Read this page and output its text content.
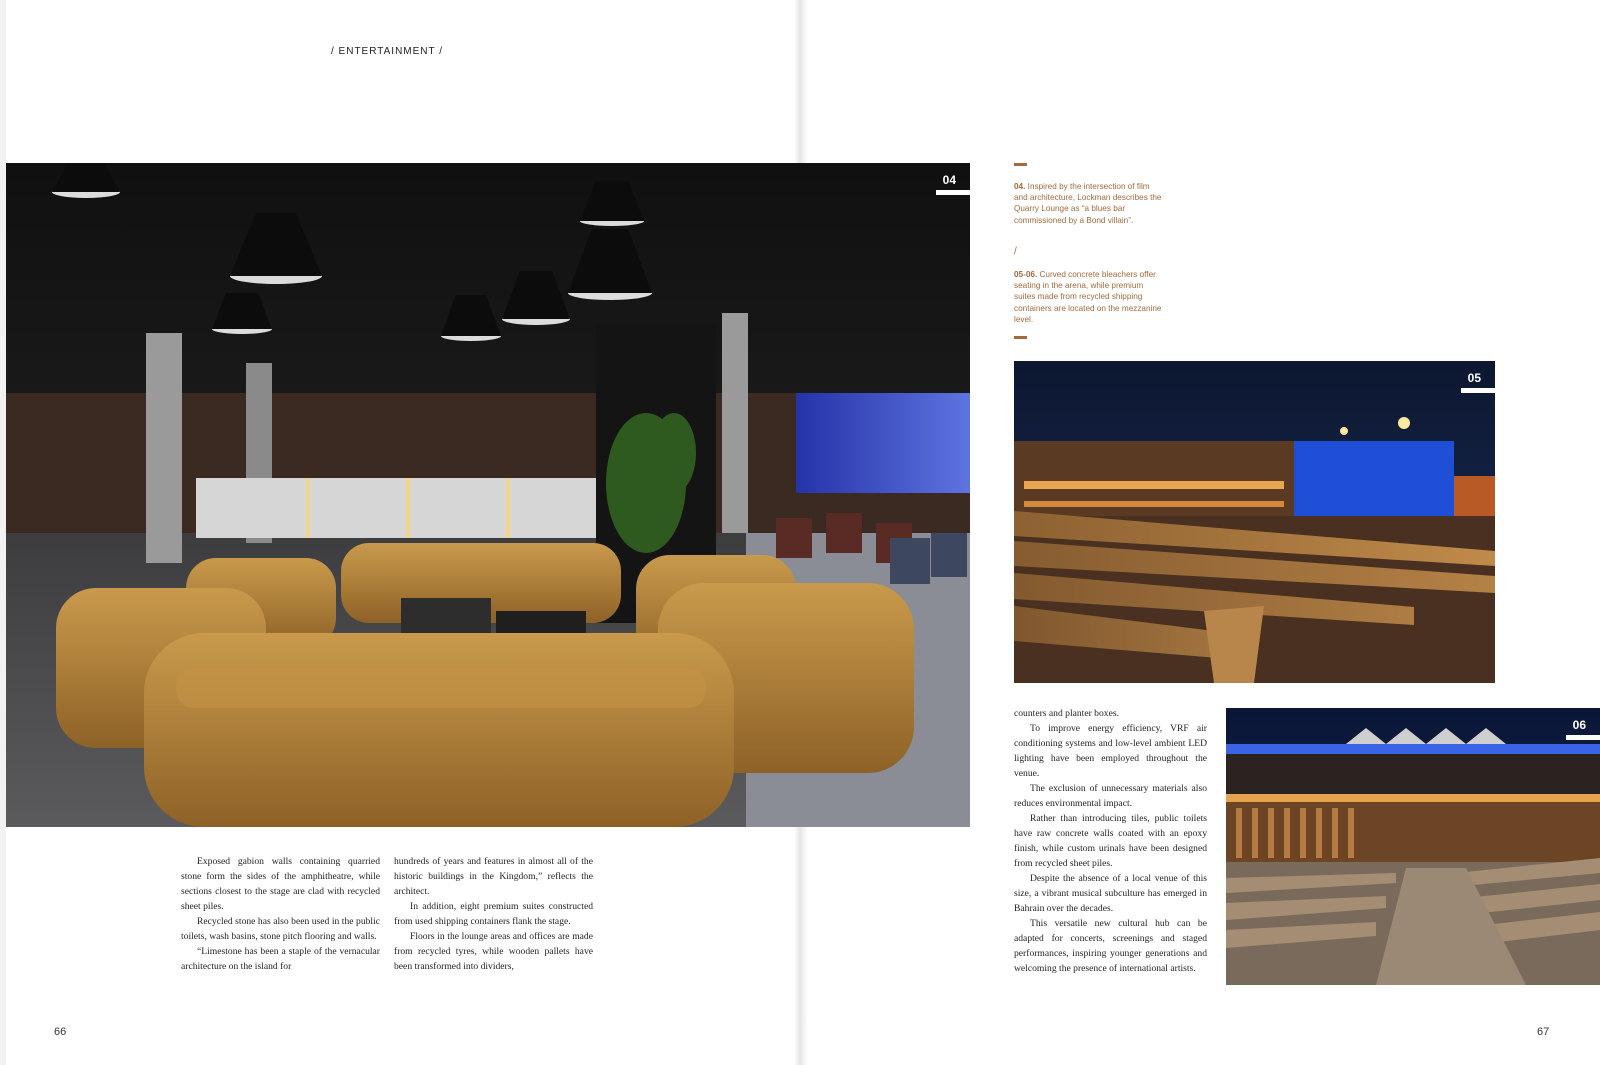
/ ENTERTAINMENT /
04
05
06
04. Inspired by the intersection of film and architecture, Lockman describes the Quarry Lounge as “a blues bar commissioned by a Bond villain”.
/
05-06. Curved concrete bleachers offer seating in the arena, while premium suites made from recycled shipping containers are located on the mezzanine level.

Exposed gabion walls containing quarried stone form the sides of the amphitheatre, while sections closest to the stage are clad with recycled sheet piles.

Recycled stone has also been used in the public toilets, wash basins, stone pitch flooring and walls.

“Limestone has been a staple of the vernacular architecture on the island for

hundreds of years and features in almost all of the historic buildings in the Kingdom,” reflects the architect.

In addition, eight premium suites constructed from used shipping containers flank the stage.

Floors in the lounge areas and offices are made from recycled tyres, while wooden pallets have been transformed into dividers,

counters and planter boxes.

To improve energy efficiency, VRF air conditioning systems and low-level ambient LED lighting have been employed throughout the venue.

The exclusion of unnecessary materials also reduces environmental impact.

Rather than introducing tiles, public toilets have raw concrete walls coated with an epoxy finish, while custom urinals have been designed from recycled sheet piles.

Despite the absence of a local venue of this size, a vibrant musical subculture has emerged in Bahrain over the decades.

This versatile new cultural hub can be adapted for concerts, screenings and staged performances, inspiring younger generations and welcoming the presence of international artists.

66	67
